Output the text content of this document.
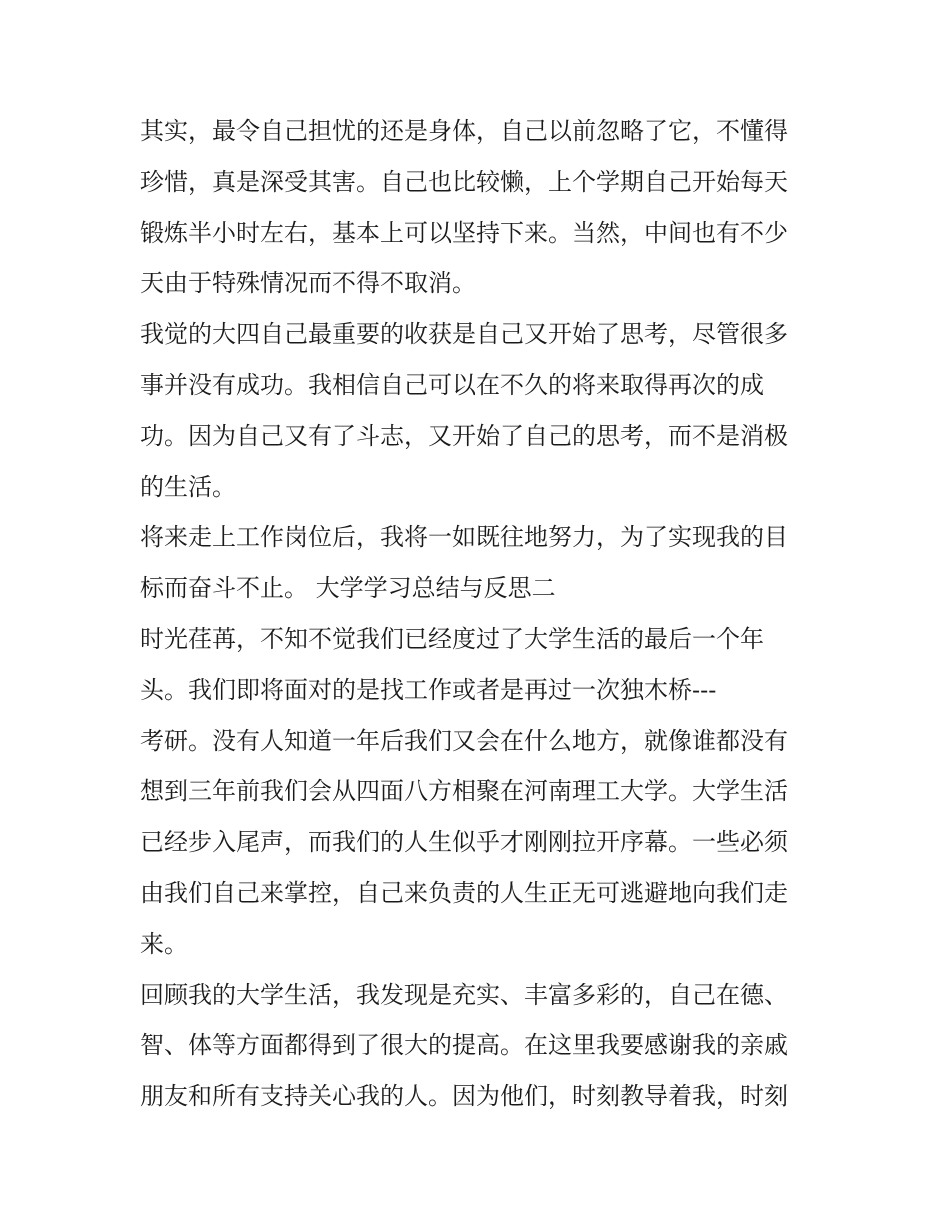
其实，最令自己担忧的还是身体，自己以前忽略了它，不懂得
珍惜，真是深受其害。自己也比较懒，上个学期自己开始每天
锻炼半小时左右，基本上可以坚持下来。当然，中间也有不少
天由于特殊情况而不得不取消。
我觉的大四自己最重要的收获是自己又开始了思考，尽管很多
事并没有成功。我相信自己可以在不久的将来取得再次的成
功。因为自己又有了斗志，又开始了自己的思考，而不是消极
的生活。
将来走上工作岗位后，我将一如既往地努力，为了实现我的目
标而奋斗不止。 大学学习总结与反思二
时光荏苒，不知不觉我们已经度过了大学生活的最后一个年
头。我们即将面对的是找工作或者是再过一次独木桥---
考研。没有人知道一年后我们又会在什么地方，就像谁都没有
想到三年前我们会从四面八方相聚在河南理工大学。大学生活
已经步入尾声，而我们的人生似乎才刚刚拉开序幕。一些必须
由我们自己来掌控，自己来负责的人生正无可逃避地向我们走
来。
回顾我的大学生活，我发现是充实、丰富多彩的，自己在德、
智、体等方面都得到了很大的提高。在这里我要感谢我的亲戚
朋友和所有支持关心我的人。因为他们，时刻教导着我，时刻
